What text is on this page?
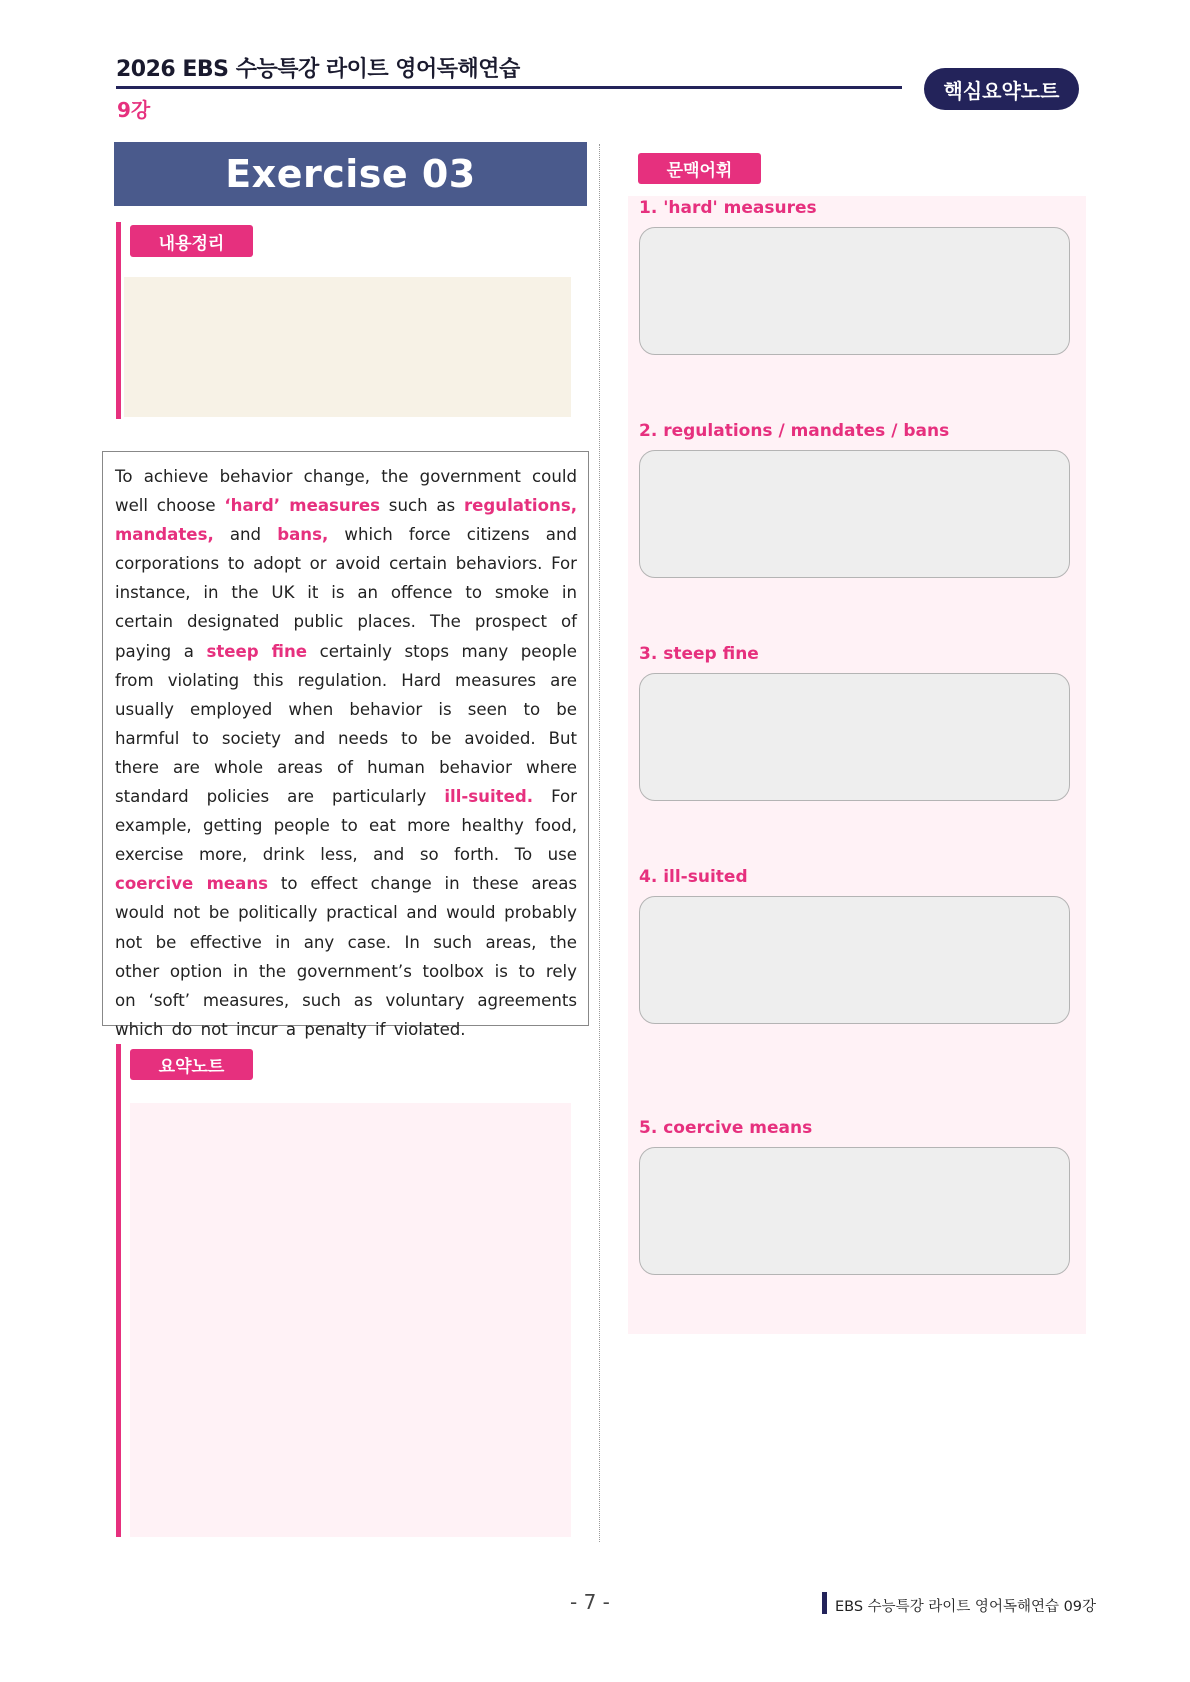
2026 EBS 수능특강 라이트 영어독해연습
9강
핵심요약노트
Exercise 03
내용정리

To achieve behavior change, the government could well choose ‘hard’ measures such as regulations, mandates, and bans, which force citizens and corporations to adopt or avoid certain behaviors. For instance, in the UK it is an offence to smoke in certain designated public places. The prospect of paying a steep fine certainly stops many people from violating this regulation. Hard measures are usually employed when behavior is seen to be harmful to society and needs to be avoided. But there are whole areas of human behavior where standard policies are particularly ill-suited. For example, getting people to eat more healthy food, exercise more, drink less, and so forth. To use coercive means to effect change in these areas would not be politically practical and would probably not be effective in any case. In such areas, the other option in the government’s toolbox is to rely on ‘soft’ measures, such as voluntary agreements which do not incur a penalty if violated.

요약노트
문맥어휘
1. 'hard' measures
2. regulations / mandates / bans
3. steep fine
4. ill-suited
5. coercive means
- 7 -	EBS 수능특강 라이트 영어독해연습 09강
